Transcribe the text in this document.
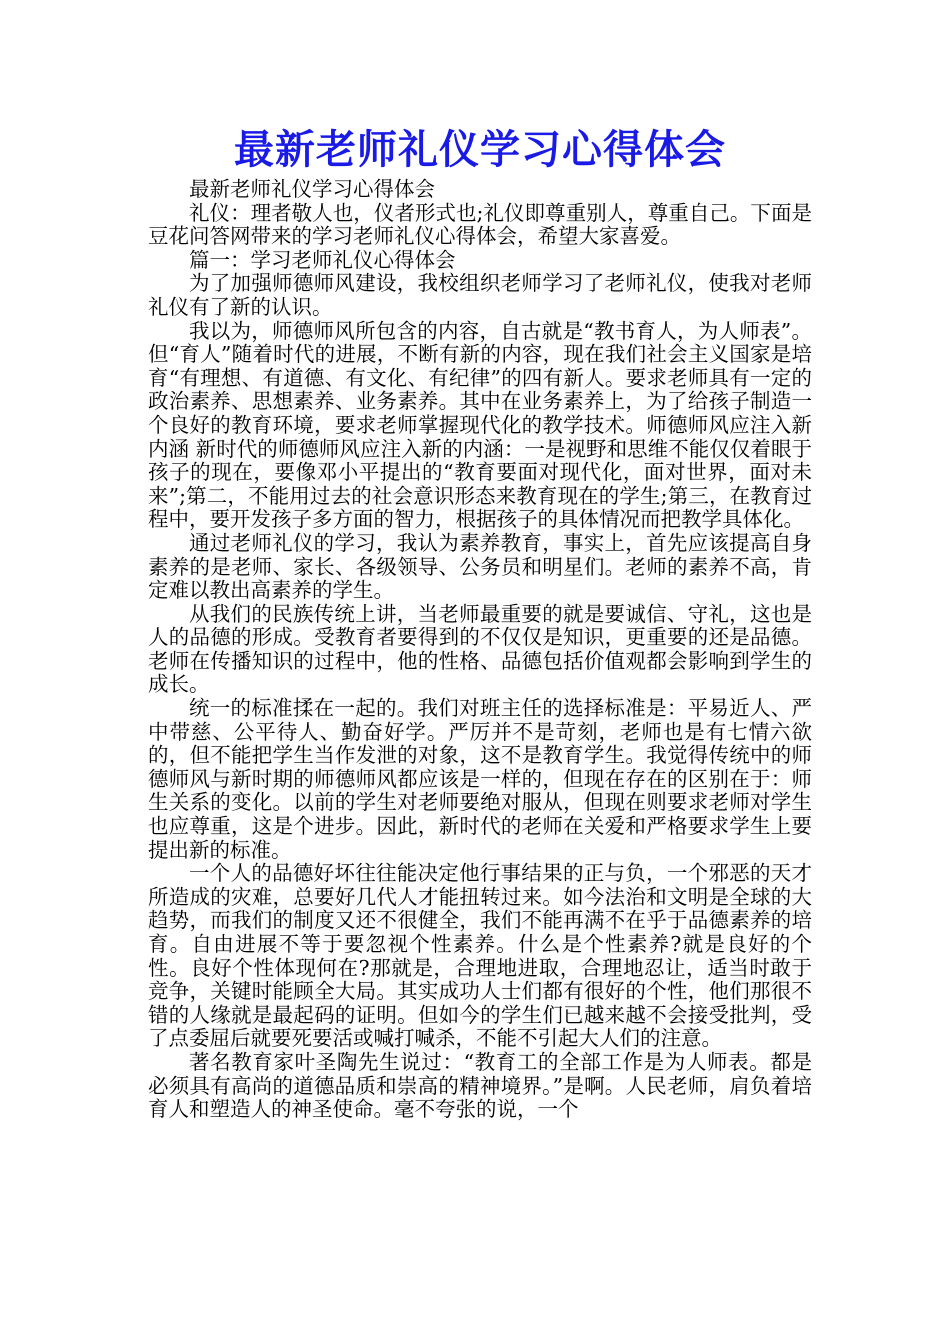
最新老师礼仪学习心得体会

最新老师礼仪学习心得体会

礼仪：理者敬人也，仪者形式也;礼仪即尊重别人，尊重自己。下面是豆花问答网带来的学习老师礼仪心得体会，希望大家喜爱。

篇一：学习老师礼仪心得体会

为了加强师德师风建设，我校组织老师学习了老师礼仪，使我对老师礼仪有了新的认识。

我以为，师德师风所包含的内容，自古就是“教书育人，为人师表”。但“育人”随着时代的进展，不断有新的内容，现在我们社会主义国家是培育“有理想、有道德、有文化、有纪律”的四有新人。要求老师具有一定的政治素养、思想素养、业务素养。其中在业务素养上，为了给孩子制造一个良好的教育环境，要求老师掌握现代化的教学技术。师德师风应注入新内涵 新时代的师德师风应注入新的内涵：一是视野和思维不能仅仅着眼于孩子的现在，要像邓小平提出的“教育要面对现代化，面对世界，面对未来”;第二，不能用过去的社会意识形态来教育现在的学生;第三，在教育过程中，要开发孩子多方面的智力，根据孩子的具体情况而把教学具体化。

通过老师礼仪的学习，我认为素养教育，事实上，首先应该提高自身素养的是老师、家长、各级领导、公务员和明星们。老师的素养不高，肯定难以教出高素养的学生。

从我们的民族传统上讲，当老师最重要的就是要诚信、守礼，这也是人的品德的形成。受教育者要得到的不仅仅是知识，更重要的还是品德。老师在传播知识的过程中，他的性格、品德包括价值观都会影响到学生的成长。

统一的标准揉在一起的。我们对班主任的选择标准是：平易近人、严中带慈、公平待人、勤奋好学。严厉并不是苛刻，老师也是有七情六欲的，但不能把学生当作发泄的对象，这不是教育学生。我觉得传统中的师德师风与新时期的师德师风都应该是一样的，但现在存在的区别在于：师生关系的变化。以前的学生对老师要绝对服从，但现在则要求老师对学生也应尊重，这是个进步。因此，新时代的老师在关爱和严格要求学生上要提出新的标准。

一个人的品德好坏往往能决定他行事结果的正与负，一个邪恶的天才所造成的灾难，总要好几代人才能扭转过来。如今法治和文明是全球的大趋势，而我们的制度又还不很健全，我们不能再满不在乎于品德素养的培育。自由进展不等于要忽视个性素养。什么是个性素养?就是良好的个性。良好个性体现何在?那就是，合理地进取，合理地忍让，适当时敢于竞争，关键时能顾全大局。其实成功人士们都有很好的个性，他们那很不错的人缘就是最起码的证明。但如今的学生们已越来越不会接受批判，受了点委屈后就要死要活或喊打喊杀，不能不引起大人们的注意。

著名教育家叶圣陶先生说过：“教育工的全部工作是为人师表。都是必须具有高尚的道德品质和崇高的精神境界。”是啊。人民老师，肩负着培育人和塑造人的神圣使命。毫不夸张的说，一个
